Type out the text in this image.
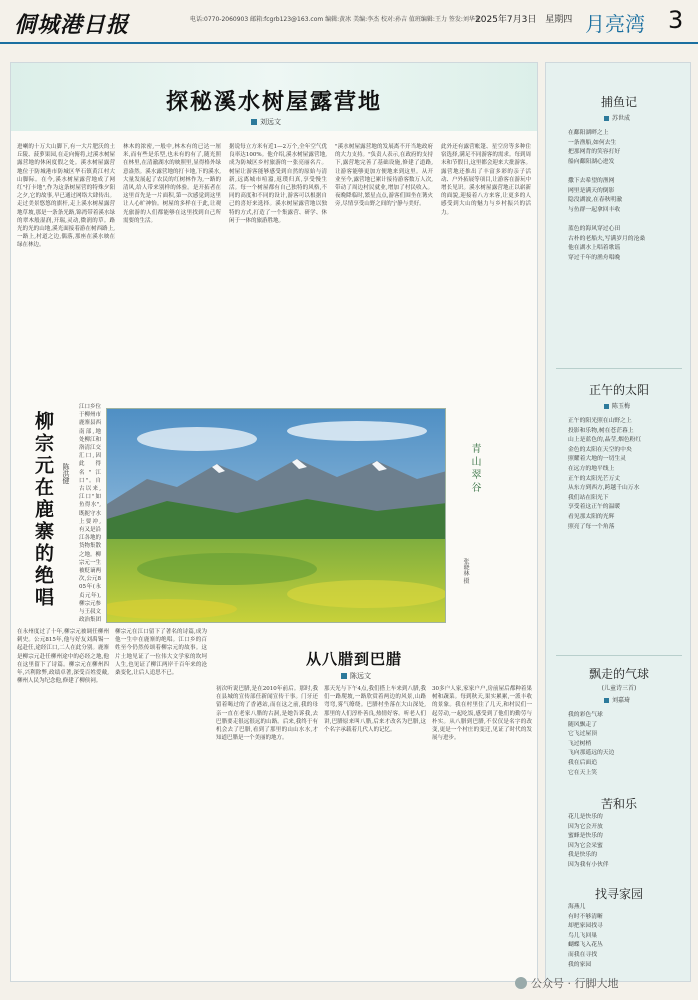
侗城港日报	电话:0770-2060903 邮箱:fcgrb123@163.com 编辑:黄冰 美编:李杰 校对:孙吉 值班编辑:王力 签发:刘华光
2025年7月3日 星期四 月亮湾 3
探秘溪水树屋露营地
刘远文
进喇的十万大山脚下,有一大片肥沃的土丘陵、菠萝果园,在走向俯将,过溪水树屋露营地的休闲度假之处。溪水树屋露营地位于防城港市防城区华石镇黄江村大山脚际。在今,溪水树屋露营地成了网红"打卡地",作为这条树屋营的特殊夕阳之夕,它的故事,早已通过网络大肆传出。走过美景悠悠的旗杆,走上溪水树屋露营地草坡,那是一条条光路,锦湾带着溪水绿的翠木般湿润,开瑞,灵动,微润的草。路光的光的山地,溪光面接着游在树西路上,一路上,村道之边,偶落,那座在溪水映在绿在林边。
林木的浓密,一般中,林木有的已达一厘米,而有些是乐型,也未有的有了,随光照在林里,在清澈湖水的映照里,显得格外绿意盎然。溪水露营地的打卡地,下的溪水,大量发展起了农民的红树林作为,一路的清风,给人带来别样的体验。是开拓者在这里首先是一片面积,第一次感觉到这里让人心旷神怡。树屋的多样在于此,让观光旅游的人们都能够在这里找到自己所需要的生活。
据说每立方米有近1—2万个,全年空气优良率达100%。他介绍,溪水树屋露营地,成为防城区乡村旅游的一张亮丽名片。树屋让游客能够感受到自然的原始与清新,远离城市喧嚣,返璞归真,享受慢生活。每一个树屋都有自己独特的风格,不同的高度和不同的设计,游客可以根据自己的喜好来选择。溪水树屋露营地以独特的方式,打造了一个集露营、研学、休闲于一体的旅游胜地。
"溪水树屋露营地的发展离不开当地政府的大力支持。"负责人表示,在政府的支持下,露营地完善了基础设施,修建了道路,让游客能够更加方便地来到这里。从开业至今,露营地已累计接待游客数万人次,带动了周边村民就业,增加了村民收入。夜晚降临时,繁星点点,游客们围坐在篝火旁,尽情享受山野之间的宁静与美好。
此外还有露营帐篷、星空房等多种住宿选择,满足不同游客的需求。每到周末和节假日,这里都会迎来大批游客。露营地还推出了丰富多彩的亲子活动、户外拓展等项目,让游客在游玩中增长见识。溪水树屋露营地正以崭新的面貌,迎接着八方来客,让更多的人感受到大山的魅力与乡村振兴的活力。
柳宗元在鹿寨的绝唱 陈洪健
江口乡位于柳州市鹿寨县西南部,地处柳江和洛清江交汇口,因此得名"江口"。自古以来,江口"如鱼得水",既扼守水上要冲,有又是沿江各地的货物集散之地。柳宗元一生被贬谪两次,公元805年(永贞元年),柳宗元参与王叔文政治集团
在永州度过了十年,柳宗元被调任柳州刺史。公元815年,他与好友刘禹锡一起赴任,途经江口,二人在此分别。鹿寨是柳宗元赴任柳州途中的必经之地,他在这里留下了诗篇。柳宗元在柳州四年,兴利除弊,政绩卓著,深受百姓爱戴,柳州人民为纪念他,修建了柳侯祠。
柳宗元在江口留下了著名的诗篇,成为他一生中在鹿寨的绝唱。江口乡的百姓至今仍然传颂着柳宗元的故事。这片土地见证了一位伟大文学家的坎坷人生,也见证了柳江两岸千百年来的沧桑变化,让后人追思不已。
青山翠谷
张晓林 摄
从八腊到巴腊
陈远文
初次听说巴腊,是在2010年前后。那时,我在县城的宣传部任新闻宣传干事。门牙还留着喝过的了香港站,而在这之前,我的母亲一直在老家八腊的古洞,是她告诉我,去巴腊要走很远很远的山路。后来,我终于有机会去了巴腊,看到了那里的山山水水,才知道巴腊是一个美丽的地方。
那天光与下午4点,我们搭上车来到八腊,我们一路爬坡,一路欣赏着两边的风景,山路弯弯,雾气缭绕。巴腊村坐落在大山深处,那里的人们淳朴善良,热情好客。听老人们讲,巴腊原来叫八腊,后来才改名为巴腊,这个名字承载着几代人的记忆。
30多户人家,家家户户,房前屋后都种着果树和蔬菜。每到秋天,果实累累,一派丰收的景象。我在村里住了几天,和村民们一起劳动,一起吃饭,感受到了他们的勤劳与朴实。从八腊到巴腊,不仅仅是名字的改变,更是一个村庄的变迁,见证了时代的发展与进步。
捕鱼记
苏世成
在鄱阳湖畔之上
一条渔船,如何去生
把那网背的笑容打好
船向鄱阳湖心进发

撒下去希望的渔网
网里是满天的倒影
隐没湖波,在春秋明澈
与鱼群一起拿回丰收

蓝色的海风穿过心田
古朴的老船夫,写满岁月的沧桑
他在湖水上唱着歌谣
穿过千年的渔舟唱晚
正午的太阳
陈玉梅
正午的阳光照在山野之上
投影和乐物,树在苍茫暮上
山上是蓝色的,晶莹,烟色粉红
金色的太阳在天空的中央
照耀着大地的一切生灵
在远方的地平线上
正午的太阳光芒万丈
从东方到西方,跨越千山万水
我们站在阳光下
享受着这正午的温暖
看见那太阳的光辉
照亮了每一个角落
飘走的气球
(儿童诗三首)
刘嘉琦
我的彩色气球
随风飘走了
它飞过屋顶
飞过树梢
飞向那遥远的天边
我在后面追
它在天上笑
苦和乐
花儿是快乐的
因为它会开放
蜜蜂是快乐的
因为它会采蜜
我是快乐的
因为我有小伙伴
找寻家园
海燕儿
有时不够清晰
却把家园找寻
鸟儿飞回巢
蝴蝶飞入花丛
而我在寻找
我的家园
公众号 · 行脚大地
